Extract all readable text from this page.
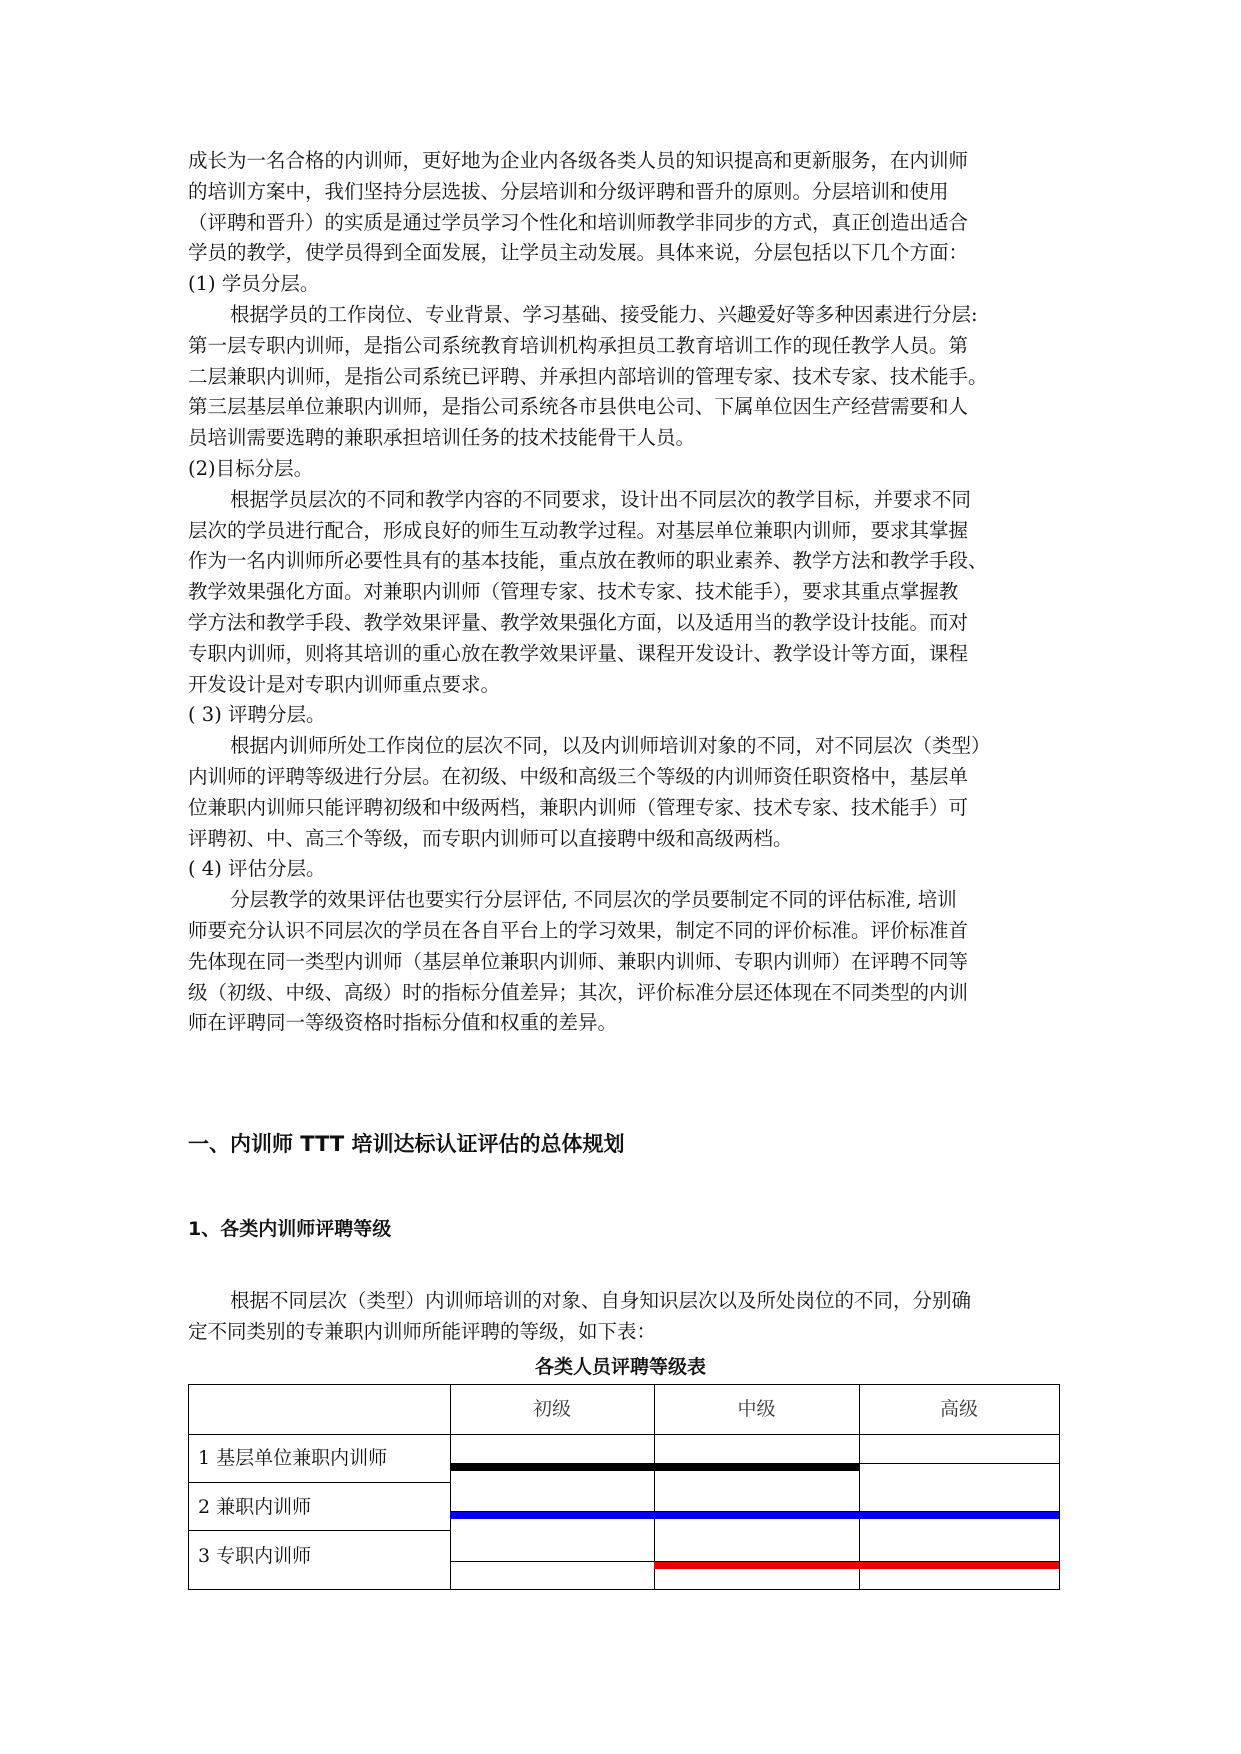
成长为一名合格的内训师，更好地为企业内各级各类人员的知识提高和更新服务，在内训师
的培训方案中，我们坚持分层选拔、分层培训和分级评聘和晋升的原则。分层培训和使用
（评聘和晋升）的实质是通过学员学习个性化和培训师教学非同步的方式，真正创造出适合
学员的教学，使学员得到全面发展，让学员主动发展。具体来说，分层包括以下几个方面：

(1) 学员分层。

根据学员的工作岗位、专业背景、学习基础、接受能力、兴趣爱好等多种因素进行分层:
第一层专职内训师，是指公司系统教育培训机构承担员工教育培训工作的现任教学人员。第
二层兼职内训师，是指公司系统已评聘、并承担内部培训的管理专家、技术专家、技术能手。
第三层基层单位兼职内训师，是指公司系统各市县供电公司、下属单位因生产经营需要和人
员培训需要选聘的兼职承担培训任务的技术技能骨干人员。

(2)目标分层。

根据学员层次的不同和教学内容的不同要求，设计出不同层次的教学目标，并要求不同
层次的学员进行配合，形成良好的师生互动教学过程。对基层单位兼职内训师，要求其掌握
作为一名内训师所必要性具有的基本技能，重点放在教师的职业素养、教学方法和教学手段、
教学效果强化方面。对兼职内训师（管理专家、技术专家、技术能手），要求其重点掌握教
学方法和教学手段、教学效果评量、教学效果强化方面，以及适用当的教学设计技能。而对
专职内训师，则将其培训的重心放在教学效果评量、课程开发设计、教学设计等方面，课程
开发设计是对专职内训师重点要求。

( 3) 评聘分层。

根据内训师所处工作岗位的层次不同，以及内训师培训对象的不同，对不同层次（类型）
内训师的评聘等级进行分层。在初级、中级和高级三个等级的内训师资任职资格中，基层单
位兼职内训师只能评聘初级和中级两档，兼职内训师（管理专家、技术专家、技术能手）可
评聘初、中、高三个等级，而专职内训师可以直接聘中级和高级两档。

( 4) 评估分层。

分层教学的效果评估也要实行分层评估, 不同层次的学员要制定不同的评估标准, 培训
师要充分认识不同层次的学员在各自平台上的学习效果，制定不同的评价标准。评价标准首
先体现在同一类型内训师（基层单位兼职内训师、兼职内训师、专职内训师）在评聘不同等
级（初级、中级、高级）时的指标分值差异；其次，评价标准分层还体现在不同类型的内训
师在评聘同一等级资格时指标分值和权重的差异。

一、内训师 TTT 培训达标认证评估的总体规划
1、各类内训师评聘等级

根据不同层次（类型）内训师培训的对象、自身知识层次以及所处岗位的不同，分别确
定不同类别的专兼职内训师所能评聘的等级，如下表：

各类人员评聘等级表
初级	中级	高级
1 基层单位兼职内训师
2 兼职内训师
3 专职内训师
